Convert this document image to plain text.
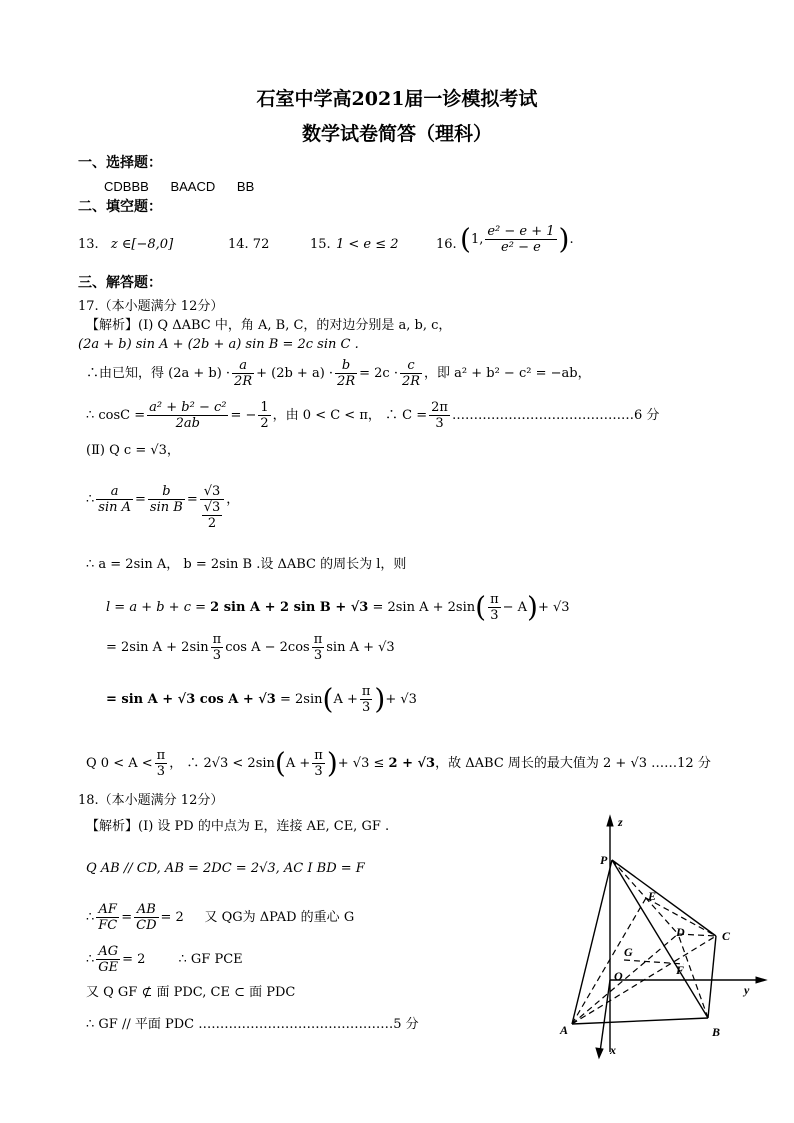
石室中学高2021届一诊模拟考试
数学试卷简答（理科）
一、选择题：
CDBBB      BAACD      BB
二、填空题：
13. z ∈[−8,0]	14. 72	15. 1 < e ≤ 2	16. (1, $\frac{\text{e² − e + 1}}{\text{e² − e}}$ ).
三、解答题：
17.（本小题满分 12分）
【解析】(Ⅰ) Q ΔABC 中，角 A, B, C，的对边分别是 a, b, c，
(2a + b) sin A + (2b + a) sin B = 2c sin C .
∴由已知，得 $(2a + b) \cdot \frac{a}{2R} + (2b + a) \cdot \frac{b}{2R} = 2c \cdot \frac{c}{2R}$ ，即 a² + b² − c² = −ab，
∴ $\cos C = \frac{\text{a² + b² − c²}}{2ab}$ = − $\frac{1}{2}$ ，由 0 < C < π， ∴ $C = \frac{2\pi}{3}$ ……………………………………6 分
(Ⅱ) Q c = √3，
∴ $\frac{a}{\text{sin A}} = \frac{b}{\text{sin B}} = √3$
√3
2 ，
∴ a = 2sin A， b = 2sin B .设 ΔABC 的周长为 l，则
l = a + b + c = 2 sin A + 2 sin B + √3 = 2sin $A + 2\sin( \frac{\pi}{3} - A)+ √3$
= 2sin $A + 2\sin \frac{\pi}{3}$ $\cos A - 2\cos \frac{\pi}{3}$ sin A + √3
= sin A + √3 $\cos A + √3 = 2\sin(A + \frac{\pi}{3}$ )+ √3
Q $0 < A < \frac{\pi}{3}$ ， ∴ $2√3 < 2\sin(A + \frac{\pi}{3}$ )+ √3 ≤ 2 + √3，故 ΔABC 周长的最大值为 2 + √3 ……12 分
18.（本小题满分 12分）
【解析】(Ⅰ) 设 PD 的中点为 E，连接 AE, CE, GF .
Q AB // CD, AB = 2DC = 2√3, AC I BD = F
∴ $\frac{AF}{FC} = \frac{AB}{CD} = 2$     又 QG为 ΔPAD 的重心 G
∴ $\frac{AG}{GE} = 2$        ∴ GF PCE
又 Q GF ⊄ 面 PDC, CE ⊂ 面 PDC
∴ GF // 平面 PDC ………………………………………5 分
z
P
E
D	C
G
O	F
y
A	B
x
